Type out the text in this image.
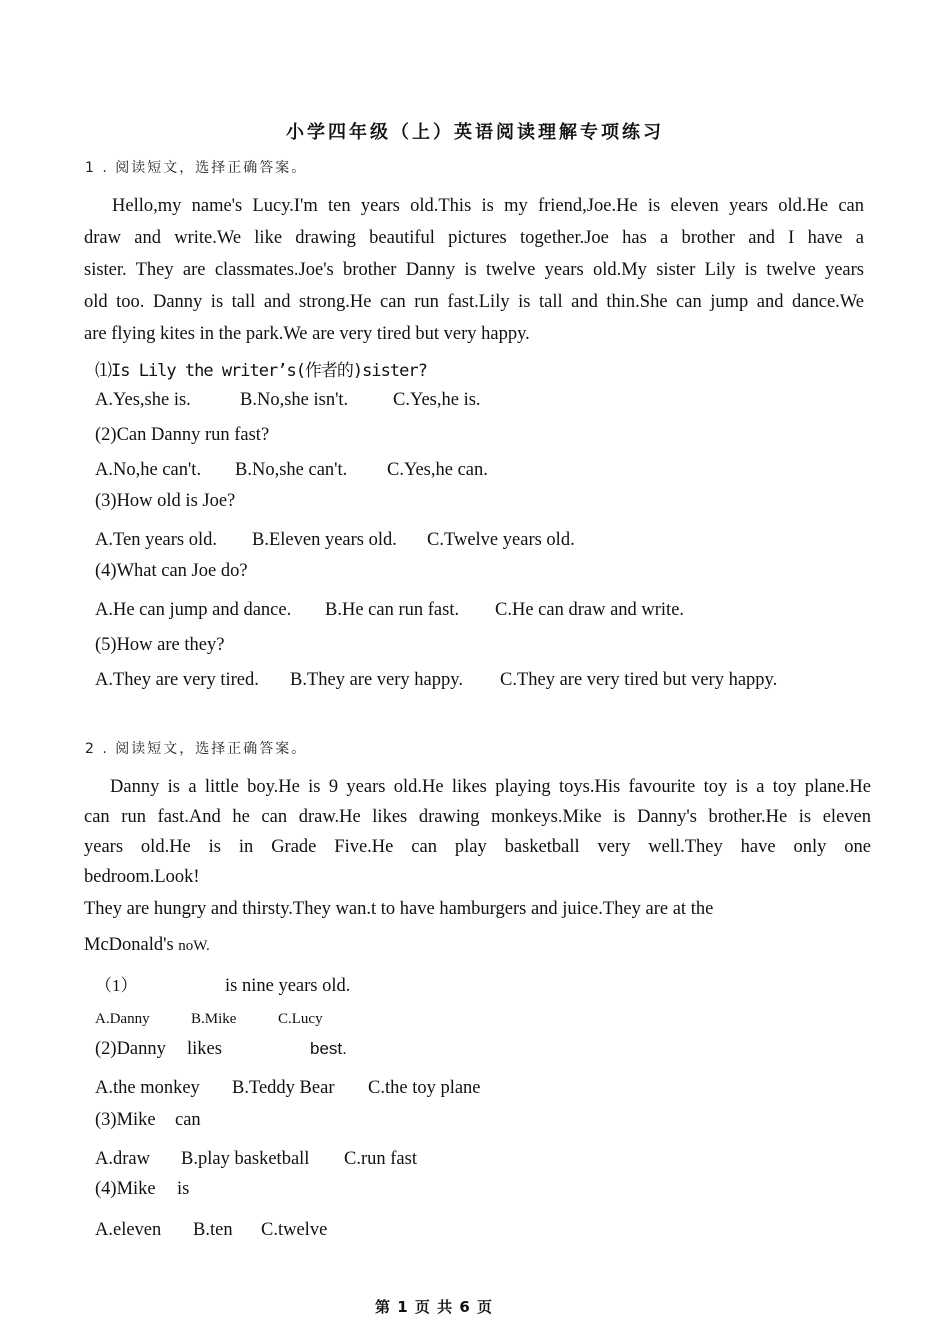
小学四年级（上）英语阅读理解专项练习
1 . 阅读短文，选择正确答案。
Hello,my name's Lucy.I'm ten years old.This is my friend,Joe.He is eleven years old.He can
draw and write.We like drawing beautiful pictures together.Joe has a brother and I have a
sister. They are classmates.Joe's brother Danny is twelve years old.My sister Lily is twelve years
old too. Danny is tall and strong.He can run fast.Lily is tall and thin.She can jump and dance.We
are flying kites in the park.We are very tired but very happy.
⑴Is Lily the writer’s(作者的)sister?
A.Yes,she is.	B.No,she isn't. C.Yes,he is.
(2)Can Danny run fast?
A.No,he can't. B.No,she can't. C.Yes,he can.
(3)How old is Joe?
A.Ten years old. B.Eleven years old. C.Twelve years old.
(4)What can Joe do?
A.He can jump and dance. B.He can run fast. C.He can draw and write.
(5)How are they?
A.They are very tired. B.They are very happy. C.They are very tired but very happy.
2 . 阅读短文，选择正确答案。
Danny is a little boy.He is 9 years old.He likes playing toys.His favourite toy is a toy plane.He
can run fast.And he can draw.He likes drawing monkeys.Mike is Danny's brother.He is eleven
years old.He is in Grade Five.He can play basketball very well.They have only one
bedroom.Look!
They are hungry and thirsty.They wan.t to have hamburgers and juice.They are at the
McDonald's noW.
（1）	is nine years old.
A.Danny	B.Mike	C.Lucy
(2)Danny likes	best.
A.the monkey B.Teddy Bear C.the toy plane
(3)Mike can
A.draw B.play basketball C.run fast
(4)Mike is
A.eleven B.ten C.twelve
第 1 页 共 6 页
